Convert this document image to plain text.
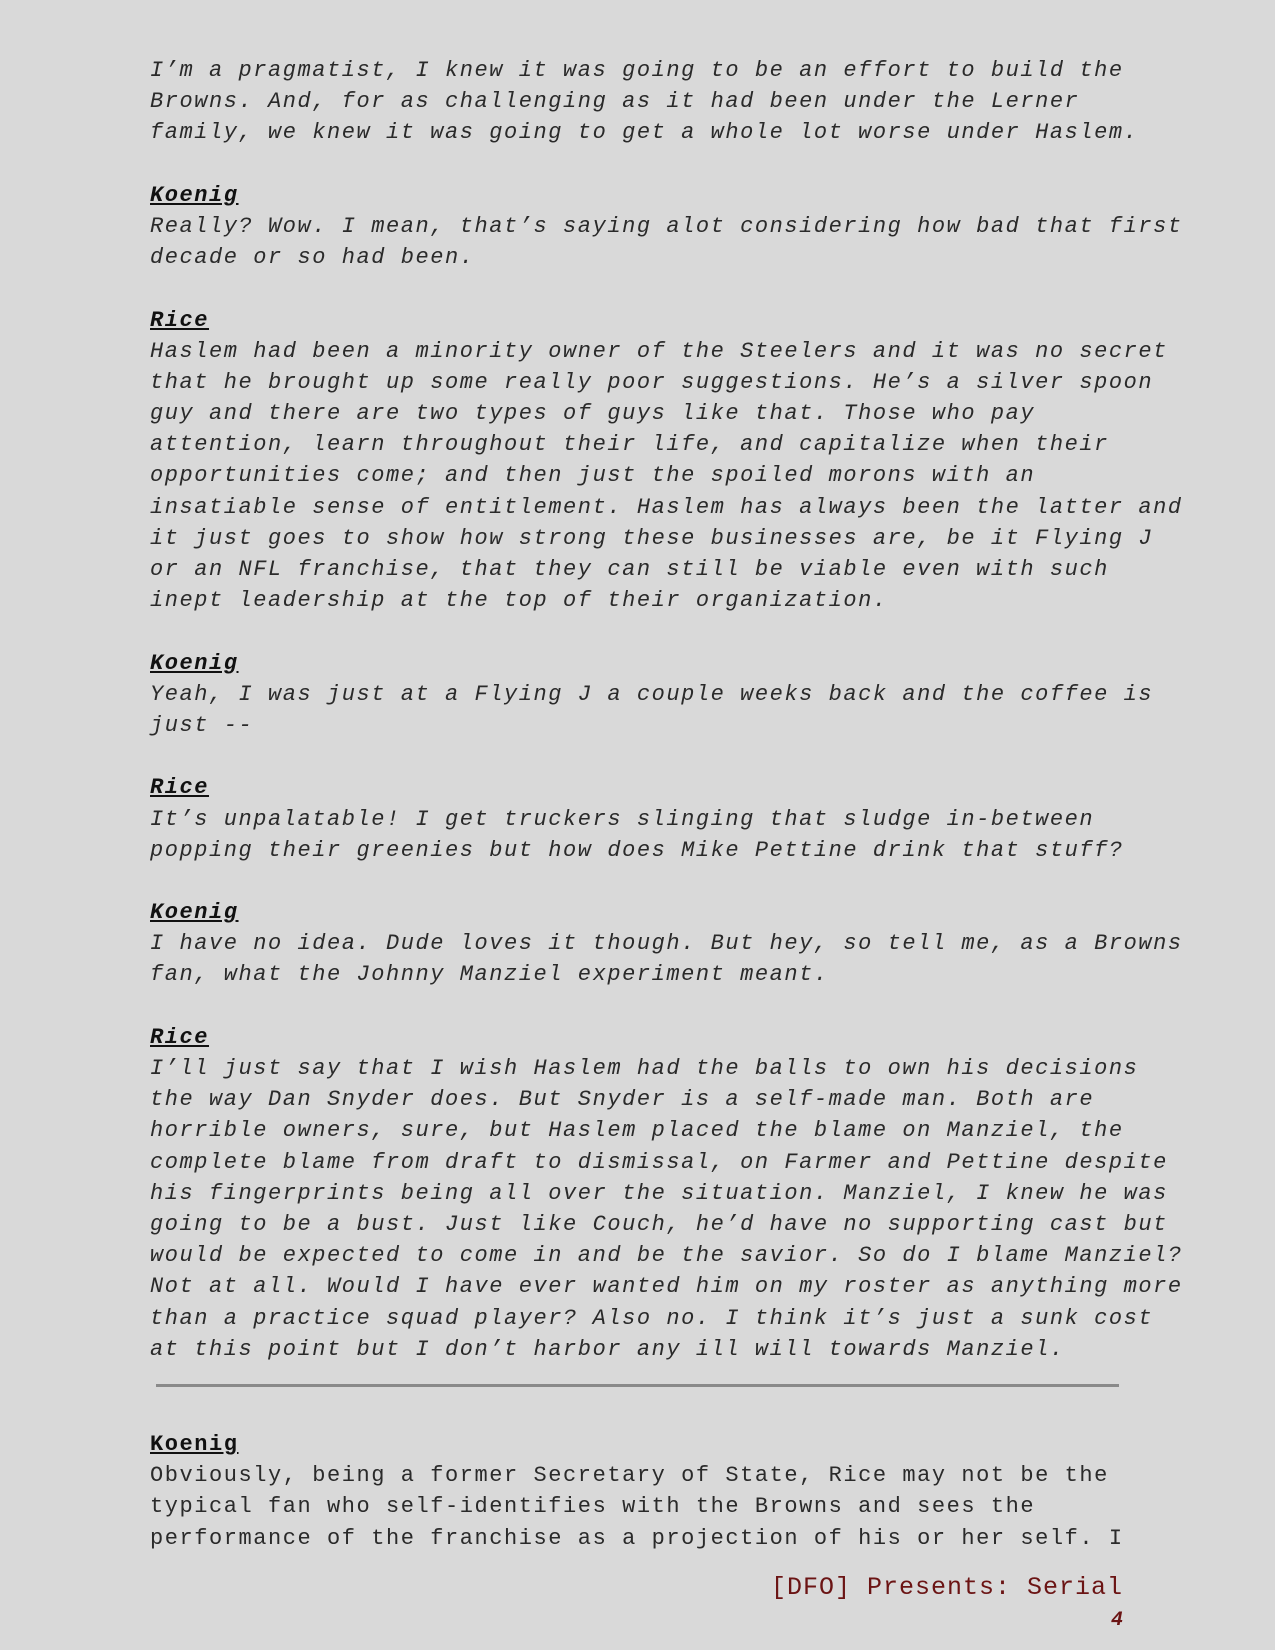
I’m a pragmatist, I knew it was going to be an effort to build the
Browns. And, for as challenging as it had been under the Lerner
family, we knew it was going to get a whole lot worse under Haslem.
Koenig
Really? Wow. I mean, that’s saying alot considering how bad that first
decade or so had been.
Rice
Haslem had been a minority owner of the Steelers and it was no secret
that he brought up some really poor suggestions. He’s a silver spoon
guy and there are two types of guys like that. Those who pay
attention, learn throughout their life, and capitalize when their
opportunities come; and then just the spoiled morons with an
insatiable sense of entitlement. Haslem has always been the latter and
it just goes to show how strong these businesses are, be it Flying J
or an NFL franchise, that they can still be viable even with such
inept leadership at the top of their organization.
Koenig
Yeah, I was just at a Flying J a couple weeks back and the coffee is
just --
Rice
It’s unpalatable! I get truckers slinging that sludge in-between
popping their greenies but how does Mike Pettine drink that stuff?
Koenig
I have no idea. Dude loves it though. But hey, so tell me, as a Browns
fan, what the Johnny Manziel experiment meant.
Rice
I’ll just say that I wish Haslem had the balls to own his decisions
the way Dan Snyder does. But Snyder is a self-made man. Both are
horrible owners, sure, but Haslem placed the blame on Manziel, the
complete blame from draft to dismissal, on Farmer and Pettine despite
his fingerprints being all over the situation. Manziel, I knew he was
going to be a bust. Just like Couch, he’d have no supporting cast but
would be expected to come in and be the savior. So do I blame Manziel?
Not at all. Would I have ever wanted him on my roster as anything more
than a practice squad player? Also no. I think it’s just a sunk cost
at this point but I don’t harbor any ill will towards Manziel.
Koenig
Obviously, being a former Secretary of State, Rice may not be the
typical fan who self-identifies with the Browns and sees the
performance of the franchise as a projection of his or her self. I
[DFO] Presents: Serial
4
